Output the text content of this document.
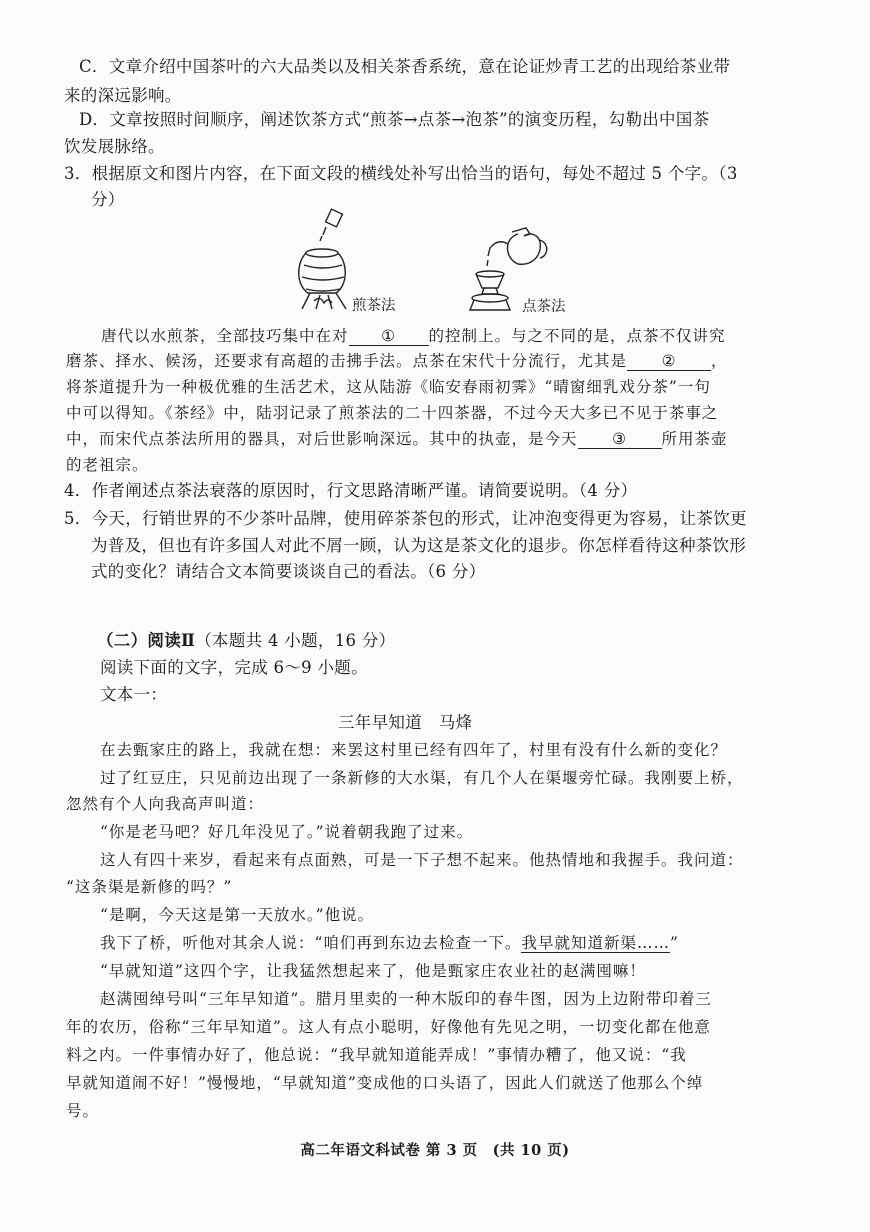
C．文章介绍中国茶叶的六大品类以及相关茶香系统，意在论证炒青工艺的出现给茶业带
来的深远影响。
D．文章按照时间顺序，阐述饮茶方式“煎茶→点茶→泡茶”的演变历程，勾勒出中国茶
饮发展脉络。
3．根据原文和图片内容，在下面文段的横线处补写出恰当的语句，每处不超过 5 个字。（3
分）
煎茶法	点茶法
唐代以水煎茶，全部技巧集中在对 ① 的控制上。与之不同的是，点茶不仅讲究
磨茶、择水、候汤，还要求有高超的击拂手法。点茶在宋代十分流行，尤其是 ② ，
将茶道提升为一种极优雅的生活艺术，这从陆游《临安春雨初霁》“晴窗细乳戏分茶”一句
中可以得知。《茶经》中，陆羽记录了煎茶法的二十四茶器，不过今天大多已不见于茶事之
中，而宋代点茶法所用的器具，对后世影响深远。其中的执壶，是今天 ③ 所用茶壶
的老祖宗。
4．作者阐述点茶法衰落的原因时，行文思路清晰严谨。请简要说明。（4 分）
5．今天，行销世界的不少茶叶品牌，使用碎茶茶包的形式，让冲泡变得更为容易，让茶饮更
为普及，但也有许多国人对此不屑一顾，认为这是茶文化的退步。你怎样看待这种茶饮形
式的变化？请结合文本简要谈谈自己的看法。（6 分）
（二）阅读Ⅱ（本题共 4 小题，16 分）
阅读下面的文字，完成 6～9 小题。
文本一：
三年早知道　马烽
在去甄家庄的路上，我就在想：来罢这村里已经有四年了，村里有没有什么新的变化？
过了红豆庄，只见前边出现了一条新修的大水渠，有几个人在渠堰旁忙碌。我刚要上桥，
忽然有个人向我高声叫道：
“你是老马吧？好几年没见了。”说着朝我跑了过来。
这人有四十来岁，看起来有点面熟，可是一下子想不起来。他热情地和我握手。我问道：
“这条渠是新修的吗？”
“是啊，今天这是第一天放水。”他说。
我下了桥，听他对其余人说：“咱们再到东边去检查一下。我早就知道新渠……”
“早就知道”这四个字，让我猛然想起来了，他是甄家庄农业社的赵满囤嘛！
赵满囤绰号叫“三年早知道”。腊月里卖的一种木版印的春牛图，因为上边附带印着三
年的农历，俗称“三年早知道”。这人有点小聪明，好像他有先见之明，一切变化都在他意
料之内。一件事情办好了，他总说：“我早就知道能弄成！”事情办糟了，他又说：“我
早就知道闹不好！”慢慢地，“早就知道”变成他的口头语了，因此人们就送了他那么个绰
号。
高二年语文科试卷 第 3 页　(共 10 页)
